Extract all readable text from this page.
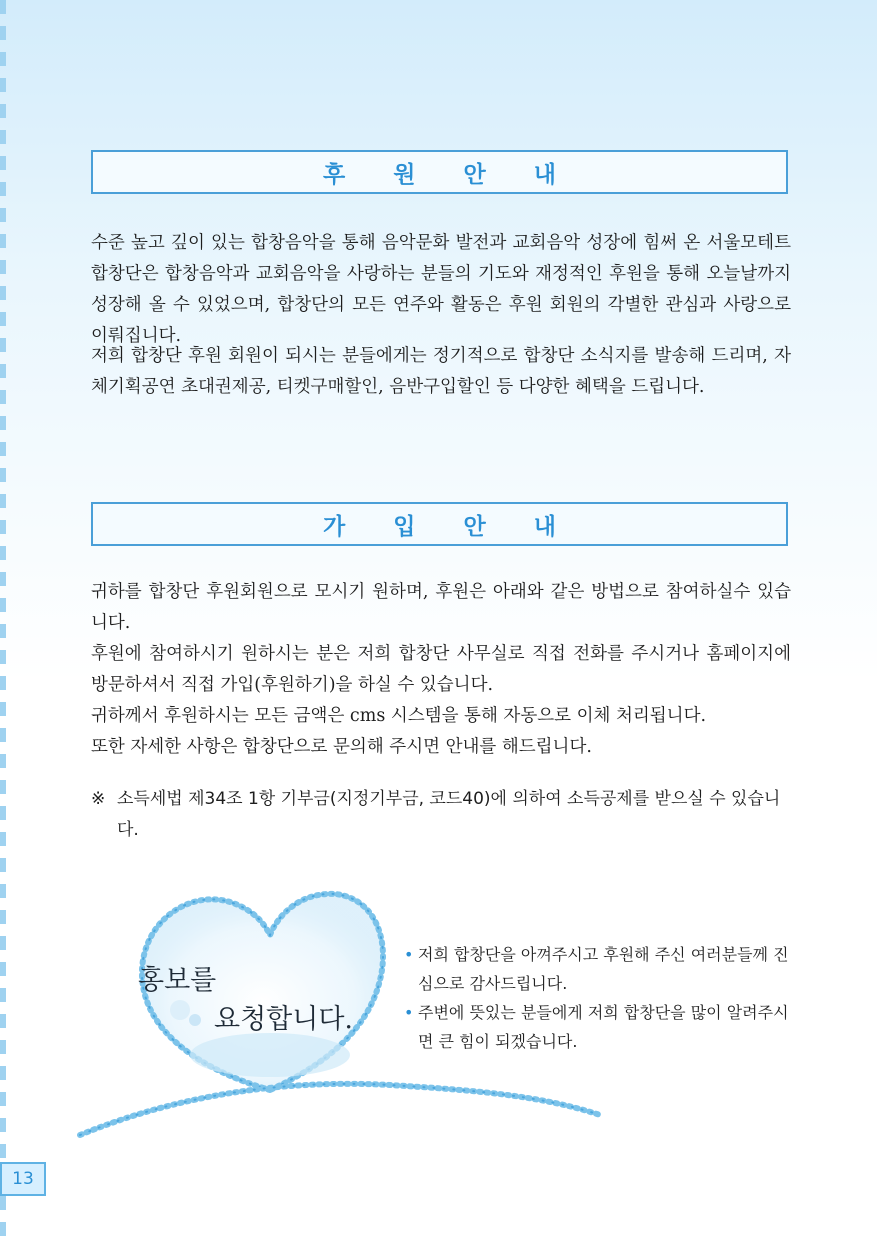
후 원 안 내

수준 높고 깊이 있는 합창음악을 통해 음악문화 발전과 교회음악 성장에 힘써 온 서울모테트합창단은 합창음악과 교회음악을 사랑하는 분들의 기도와 재정적인 후원을 통해 오늘날까지 성장해 올 수 있었으며, 합창단의 모든 연주와 활동은 후원 회원의 각별한 관심과 사랑으로 이뤄집니다.

저희 합창단 후원 회원이 되시는 분들에게는 정기적으로 합창단 소식지를 발송해 드리며, 자체기획공연 초대권제공, 티켓구매할인, 음반구입할인 등 다양한 혜택을 드립니다.

가 입 안 내

귀하를 합창단 후원회원으로 모시기 원하며, 후원은 아래와 같은 방법으로 참여하실수 있습니다.

후원에 참여하시기 원하시는 분은 저희 합창단 사무실로 직접 전화를 주시거나 홈페이지에 방문하셔서 직접 가입(후원하기)을 하실 수 있습니다.

귀하께서 후원하시는 모든 금액은 cms 시스템을 통해 자동으로 이체 처리됩니다.

또한 자세한 사항은 합창단으로 문의해 주시면 안내를 해드립니다.

※ 소득세법 제34조 1항 기부금(지정기부금, 코드40)에 의하여 소득공제를 받으실 수 있습니다.
홍보를
요청합니다.
• 저희 합창단을 아껴주시고 후원해 주신 여러분들께 진심으로 감사드립니다.
• 주변에 뜻있는 분들에게 저희 합창단을 많이 알려주시면 큰 힘이 되겠습니다.
13
